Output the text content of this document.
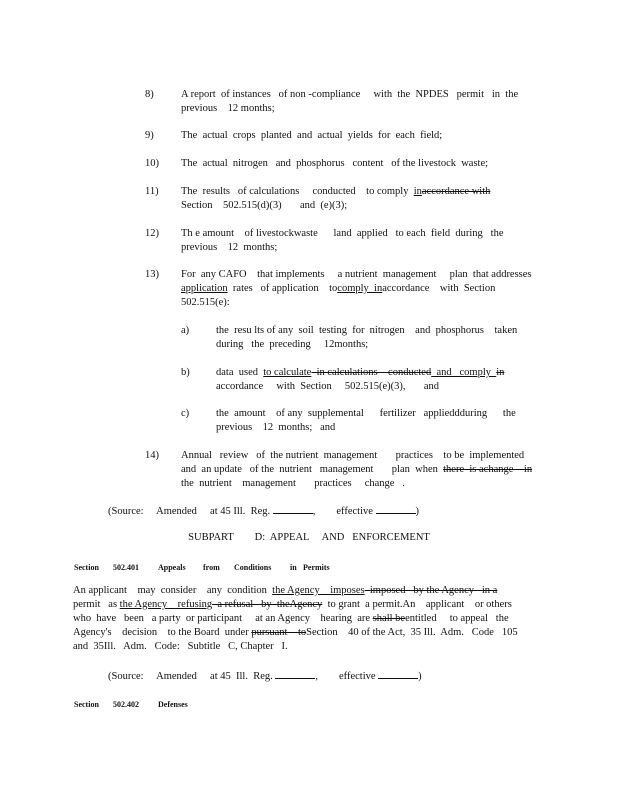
8)	A report  of instances   of non -compliance     with  the  NPDES   permit   in  the
previous    12 months;
9)	The  actual  crops  planted  and  actual  yields  for  each  field;
10)	The  actual  nitrogen   and  phosphorus   content   of the livestock  waste;
11)	The  results   of calculations     conducted    to comply  inaccordance with
Section    502.515(d)(3)       and  (e)(3);
12)	Th e amount    of livestockwaste      land  applied   to each  field  during   the
previous    12  months;
13)	For  any CAFO    that implements     a nutrient  management     plan  that addresses
application  rates   of application    tocomply  inaccordance    with  Section
502.515(e):
a)	the  resu lts of any  soil  testing  for  nitrogen    and  phosphorus    taken
during   the  preceding     12months;
b)	data  used  to calculate  in calculations    conducted  and   comply  in
accordance     with  Section     502.515(e)(3),       and
c)	the  amount    of any  supplemental      fertilizer   applieddduring      the
previous    12  months;   and
14)	Annual   review   of  the nutrient  management       practices    to be  implemented
and  an update   of the  nutrient   management       plan  when  there  is achange    in
the  nutrient    management       practices     change   .
(Source:     Amended     at 45 Ill.  Reg.	,        effective	)
SUBPART        D:  APPEAL     AND   ENFORCEMENT
Section 502.401 Appeals from Conditions in Permits
An applicant    may  consider    any  condition  the Agency    imposes  imposed   by the Agency   in a
permit   as the Agency    refusing  a refusal   by  theAgency  to grant  a permit.An    applicant    or others
who  have   been   a party  or participant     at an Agency    hearing  are shall beentitled     to appeal   the
Agency's    decision    to the Board  under pursuant    toSection    40 of the Act,  35 Ill.  Adm.   Code   105
and  35Ill.   Adm.   Code:   Subtitle   C, Chapter   I.
(Source:     Amended     at 45  Ill.  Reg.	,        effective	)
Section 502.402 Defenses
